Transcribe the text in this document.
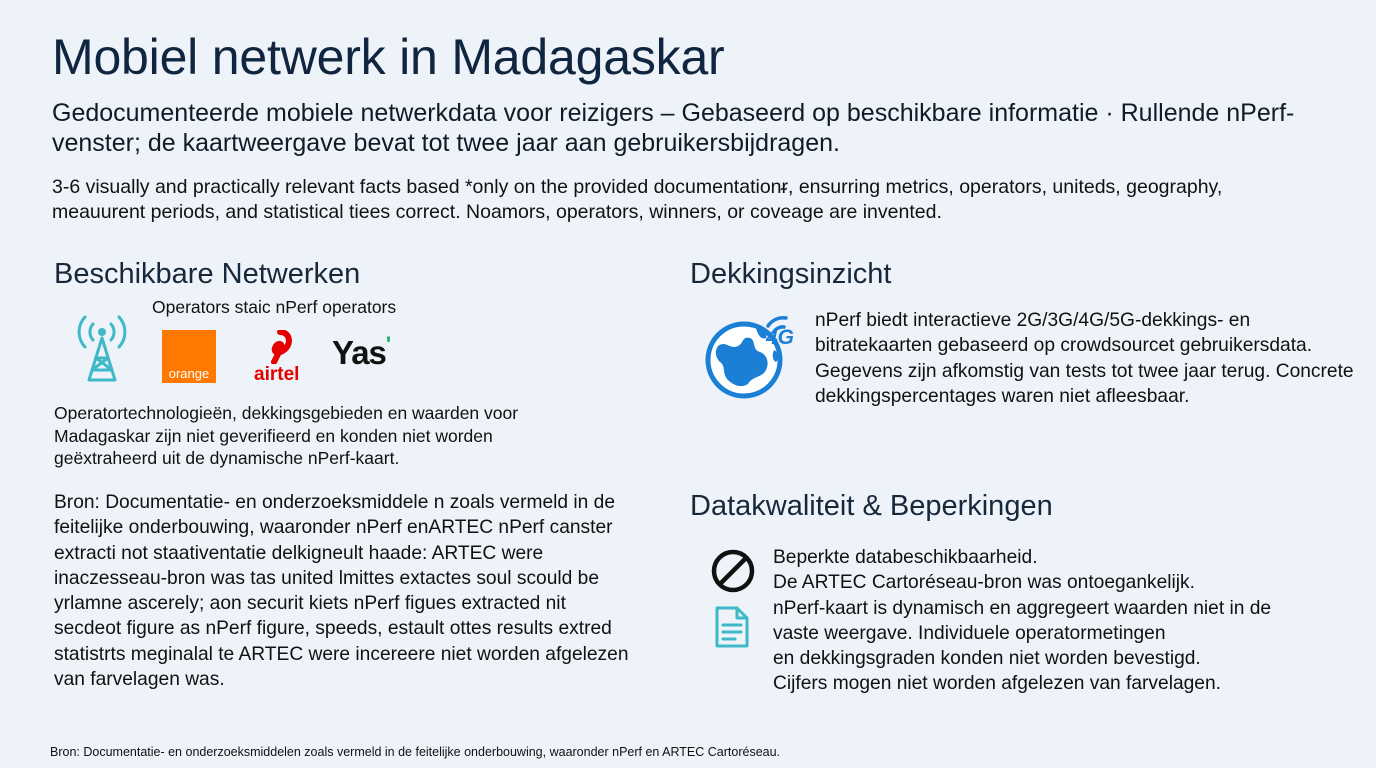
Mobiel netwerk in Madagaskar
Gedocumenteerde mobiele netwerkdata voor reizigers – Gebaseerd op beschikbare informatie · Rullende nPerf-venster; de kaartweergave bevat tot twee jaar aan gebruikersbijdragen.
3-6 visually and practically relevant facts based *only on the provided documentationᵲ, ensurring metrics, operators, uniteds, geography, meauurent periods, and statistical tiees correct. Noamors, operators, winners, or coveage are invented.
Beschikbare Netwerken
Operators staic nPerf operators
orange	airtel
Yas$^ʹ$
Operatortechnologieën, dekkingsgebieden en waarden voor Madagaskar zijn niet geverifieerd en konden niet worden geëxtraheerd uit de dynamische nPerf-kaart.
Bron: Documentatie- en onderzoeksmiddele n zoals vermeld in de feitelijke onderbouwing, waaronder nPerf enARTEC nPerf canster extracti not staativentatie delkigneult haade: ARTEC were inaczesseau-bron was tas united lmittes extactes soul scould be yrlamne ascerely; aon securit kiets nPerf figues extracted nit secdeot figure as nPerf figure, speeds, estault ottes results extred statistrts meginalal te ARTEC were incereere niet worden afgelezen van farvelagen was.
Dekkingsinzicht
4G
nPerf biedt interactieve 2G/3G/4G/5G-dekkings- en bitratekaarten gebaseerd op crowdsourcet gebruikersdata. Gegevens zijn afkomstig van tests tot twee jaar terug. Concrete dekkingspercentages waren niet afleesbaar.
Datakwaliteit & Beperkingen
Beperkte databeschikbaarheid.
De ARTEC Cartoréseau-bron was ontoegankelijk.
nPerf-kaart is dynamisch en aggregeert waarden niet in de
vaste weergave. Individuele operatormetingen
en dekkingsgraden konden niet worden bevestigd.
Cijfers mogen niet worden afgelezen van farvelagen.
Bron: Documentatie- en onderzoeksmiddelen zoals vermeld in de feitelijke onderbouwing, waaronder nPerf en ARTEC Cartoréseau.
